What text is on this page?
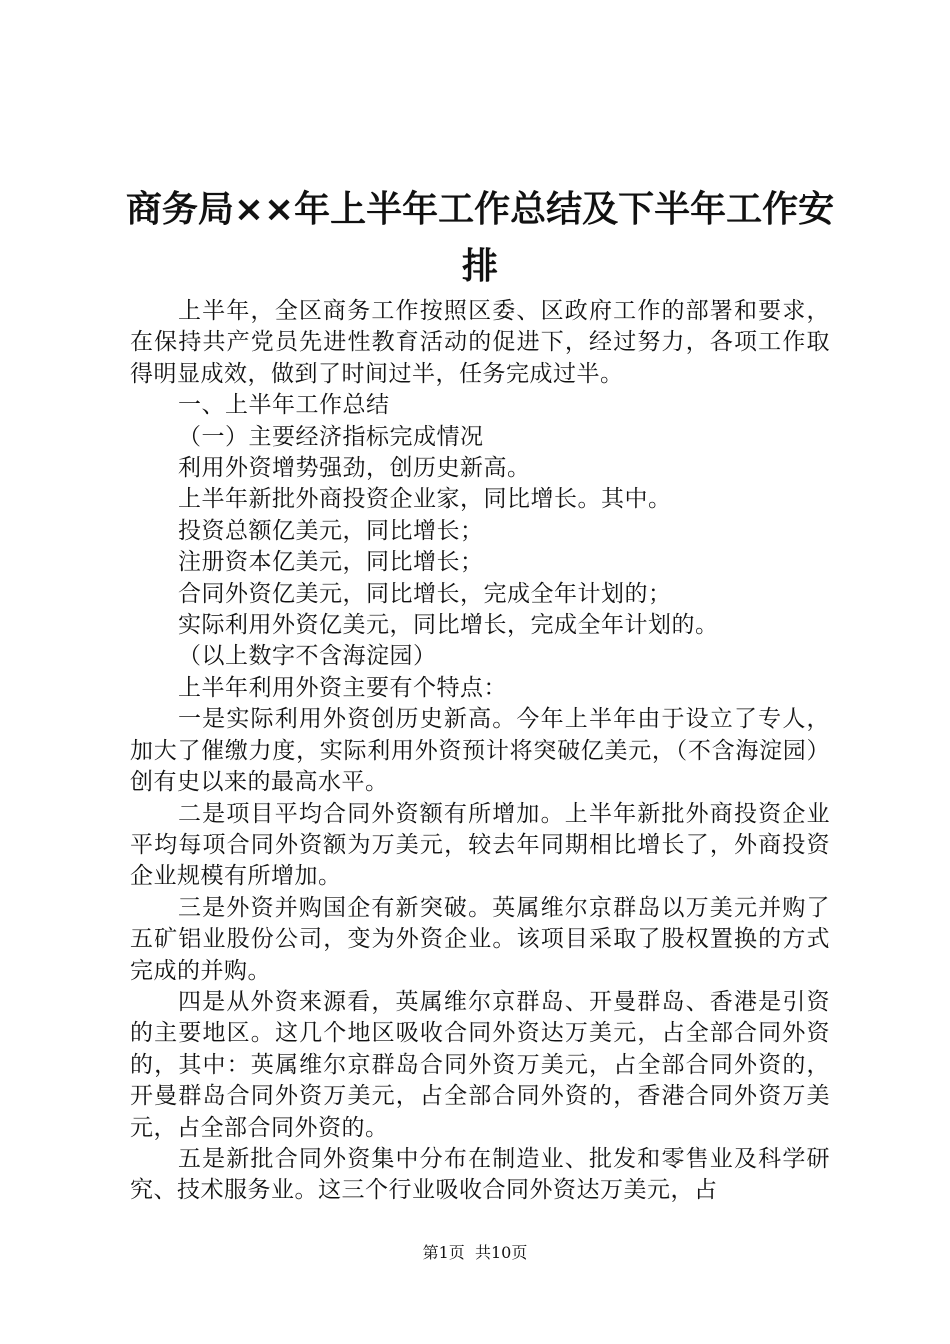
商务局××年上半年工作总结及下半年工作安
排

上半年，全区商务工作按照区委、区政府工作的部署和要求，在保持共产党员先进性教育活动的促进下，经过努力，各项工作取得明显成效，做到了时间过半，任务完成过半。

一、上半年工作总结

（一）主要经济指标完成情况

利用外资增势强劲，创历史新高。

上半年新批外商投资企业家，同比增长。其中。

投资总额亿美元，同比增长；

注册资本亿美元，同比增长；

合同外资亿美元，同比增长，完成全年计划的；

实际利用外资亿美元，同比增长，完成全年计划的。

（以上数字不含海淀园）

上半年利用外资主要有个特点：

一是实际利用外资创历史新高。今年上半年由于设立了专人，加大了催缴力度，实际利用外资预计将突破亿美元，（不含海淀园）创有史以来的最高水平。

二是项目平均合同外资额有所增加。上半年新批外商投资企业平均每项合同外资额为万美元，较去年同期相比增长了，外商投资企业规模有所增加。

三是外资并购国企有新突破。英属维尔京群岛以万美元并购了五矿铝业股份公司，变为外资企业。该项目采取了股权置换的方式完成的并购。

四是从外资来源看，英属维尔京群岛、开曼群岛、香港是引资的主要地区。这几个地区吸收合同外资达万美元，占全部合同外资的，其中：英属维尔京群岛合同外资万美元，占全部合同外资的，开曼群岛合同外资万美元，占全部合同外资的，香港合同外资万美元，占全部合同外资的。

五是新批合同外资集中分布在制造业、批发和零售业及科学研究、技术服务业。这三个行业吸收合同外资达万美元，占

第1页 共10页
